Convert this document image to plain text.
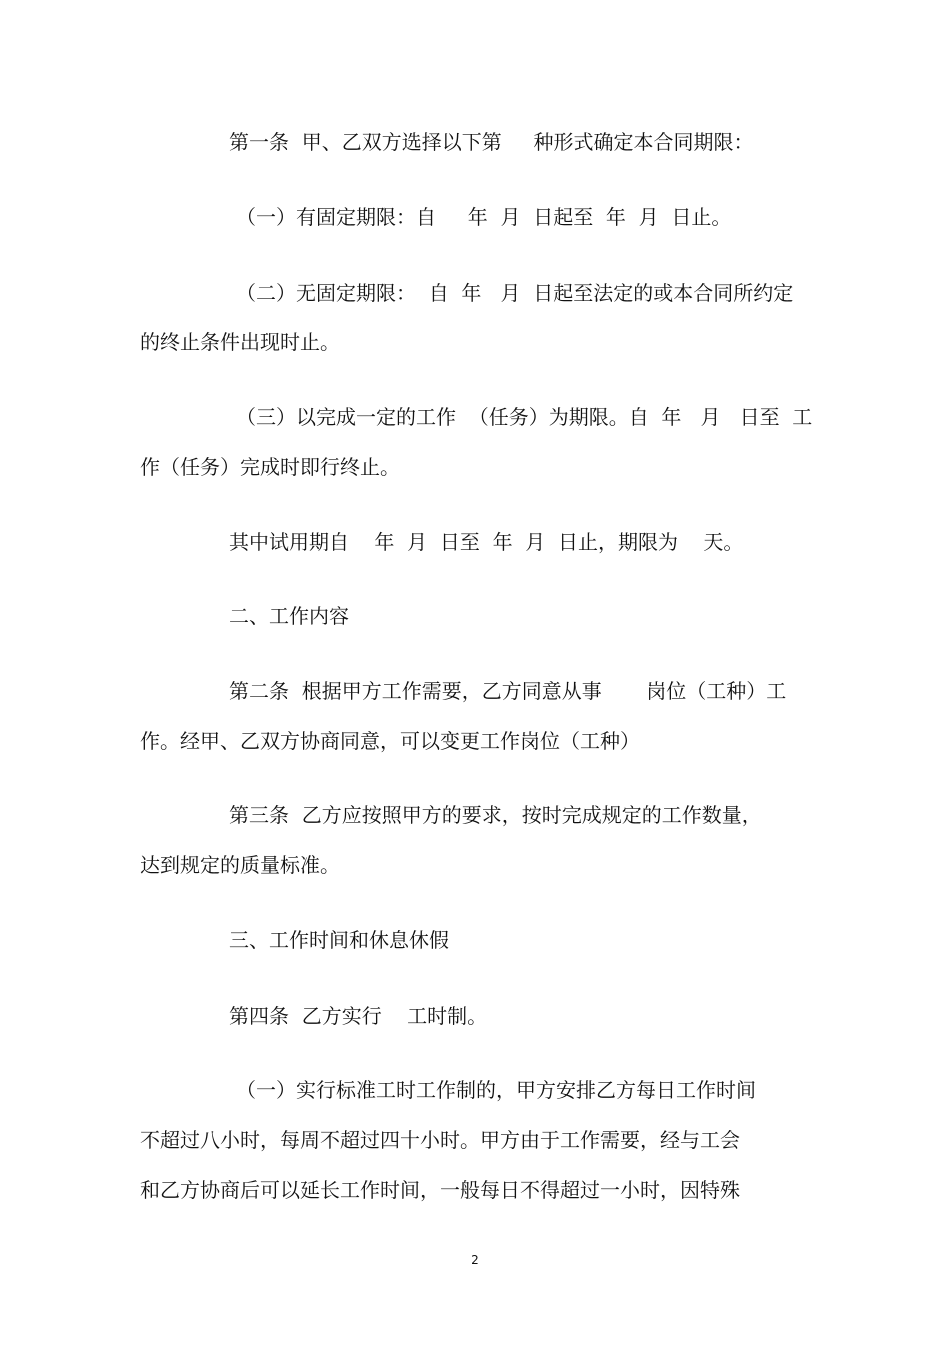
第一条  甲、乙双方选择以下第     种形式确定本合同期限：

（一）有固定期限：自     年  月  日起至  年  月  日止。

（二）无固定期限：  自  年   月  日起至法定的或本合同所约定

的终止条件出现时止。

（三）以完成一定的工作  （任务）为期限。自  年   月   日至  工

作（任务）完成时即行终止。

其中试用期自    年  月  日至  年  月  日止，期限为    天。

二、工作内容

第二条  根据甲方工作需要，乙方同意从事       岗位（工种）工

作。经甲、乙双方协商同意，可以变更工作岗位（工种）

第三条  乙方应按照甲方的要求，按时完成规定的工作数量，

达到规定的质量标准。

三、工作时间和休息休假

第四条  乙方实行    工时制。

（一）实行标准工时工作制的，甲方安排乙方每日工作时间

不超过八小时，每周不超过四十小时。甲方由于工作需要，经与工会

和乙方协商后可以延长工作时间，一般每日不得超过一小时，因特殊

2
